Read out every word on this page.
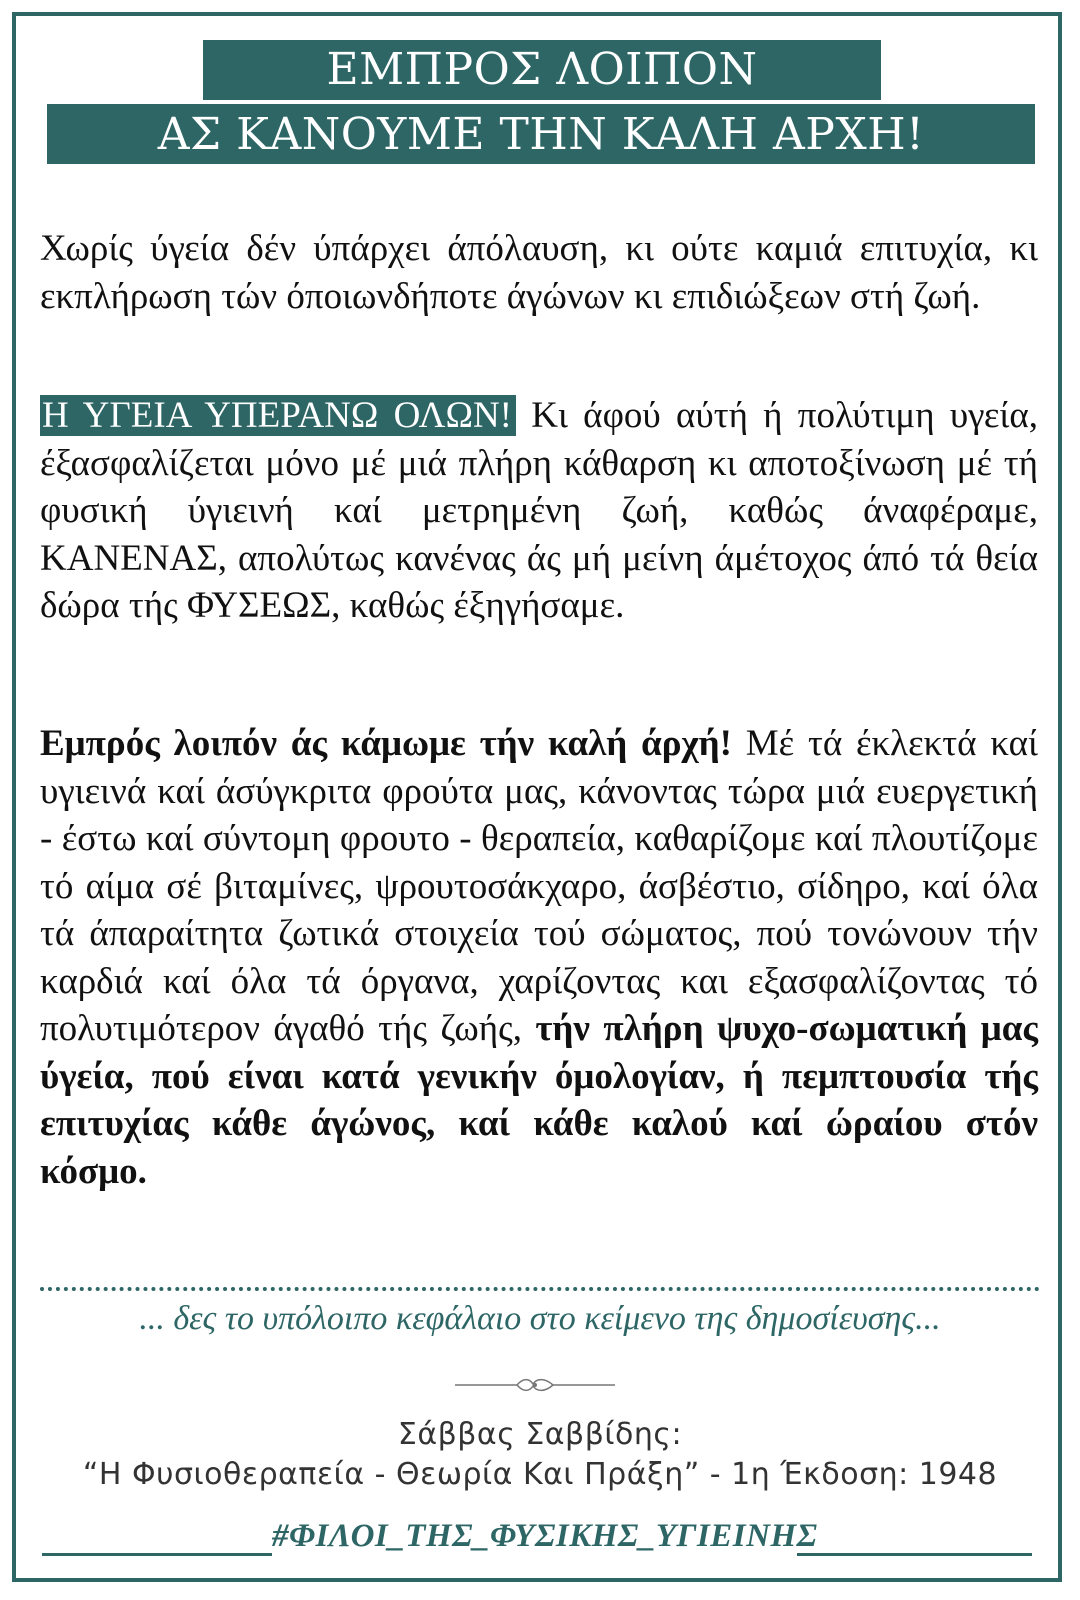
ΕΜΠΡΟΣ ΛΟΙΠΟΝ
ΑΣ ΚΑΝΟΥΜΕ ΤΗΝ ΚΑΛΗ ΑΡΧΗ!

Χωρίς ύγεία δέν ύπάρχει άπόλαυση, κι ούτε καμιά επιτυχία, κι εκπλήρωση τών όποιωνδήποτε άγώνων κι επιδιώξεων στή ζωή.

Η ΥΓΕΙΑ ΥΠΕΡΑΝΩ ΟΛΩΝ! Κι άφού αύτή ή πολύτιμη υγεία, έξασφαλίζεται μόνο μέ μιά πλήρη κάθαρση κι αποτοξίνωση μέ τή φυσική ύγιεινή καί μετρημένη ζωή, καθώς άναφέραμε, ΚΑΝΕΝΑΣ, απολύτως κανένας άς μή μείνη άμέτοχος άπό τά θεία δώρα τής ΦΥΣΕΩΣ, καθώς έξηγήσαμε.

Εμπρός λοιπόν άς κάμωμε τήν καλή άρχή! Μέ τά έκλεκτά καί υγιεινά καί άσύγκριτα φρούτα μας, κάνοντας τώρα μιά ευεργετική - έστω καί σύντομη φρουτο - θεραπεία, καθαρίζομε καί πλουτίζομε τό αίμα σέ βιταμίνες, ψρουτοσάκχαρο, άσβέστιο, σίδηρο, καί όλα τά άπαραίτητα ζωτικά στοιχεία τού σώματος, πού τονώνουν τήν καρδιά καί όλα τά όργανα, χαρίζοντας και εξασφαλίζοντας τό πολυτιμότερον άγαθό τής ζωής, τήν πλήρη ψυχο-σωματική μας ύγεία, πού είναι κατά γενικήν όμολογίαν, ή πεμπτουσία τής επιτυχίας κάθε άγώνος, καί κάθε καλού καί ώραίου στόν κόσμο.

... δες το υπόλοιπο κεφάλαιο στο κείμενο της δημοσίευσης...
Σάββας Σαββίδης:
“Η Φυσιοθεραπεία - Θεωρία Και Πράξη” - 1η Έκδοση: 1948
#ΦΙΛΟΙ_ΤΗΣ_ΦΥΣΙΚΗΣ_ΥΓΙΕΙΝΗΣ
